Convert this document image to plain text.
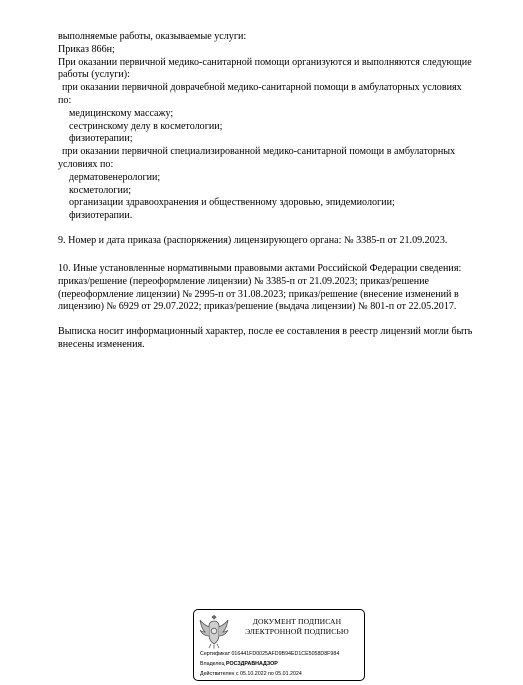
выполняемые работы, оказываемые услуги:
Приказ 866н;
При оказании первичной медико-санитарной помощи организуются и выполняются следующие
работы (услуги):
при оказании первичной доврачебной медико-санитарной помощи в амбулаторных условиях
по:
медицинскому массажу;
сестринскому делу в косметологии;
физиотерапии;
при оказании первичной специализированной медико-санитарной помощи в амбулаторных
условиях по:
дерматовенерологии;
косметологии;
организации здравоохранения и общественному здоровью, эпидемиологии;
физиотерапии.
9. Номер и дата приказа (распоряжения) лицензирующего органа: № 3385-п от 21.09.2023.
10. Иные установленные нормативными правовыми актами Российской Федерации сведения:
приказ/решение (переоформление лицензии) № 3385-п от 21.09.2023; приказ/решение
(переоформление лицензии) № 2995-п от 31.08.2023; приказ/решение (внесение изменений в
лицензию) № 6929 от 29.07.2022; приказ/решение (выдача лицензии) № 801-п от 22.05.2017.
Выписка носит информационный характер, после ее составления в реестр лицензий могли быть
внесены изменения.
ДОКУМЕНТ ПОДПИСАН
ЭЛЕКТРОННОЙ ПОДПИСЬЮ
Сертификат 016441FD0025AFD9B94ED1CE5058D8F984
Владелец РОСЗДРАВНАДЗОР
Действителен с 05.10.2022 по 05.01.2024
